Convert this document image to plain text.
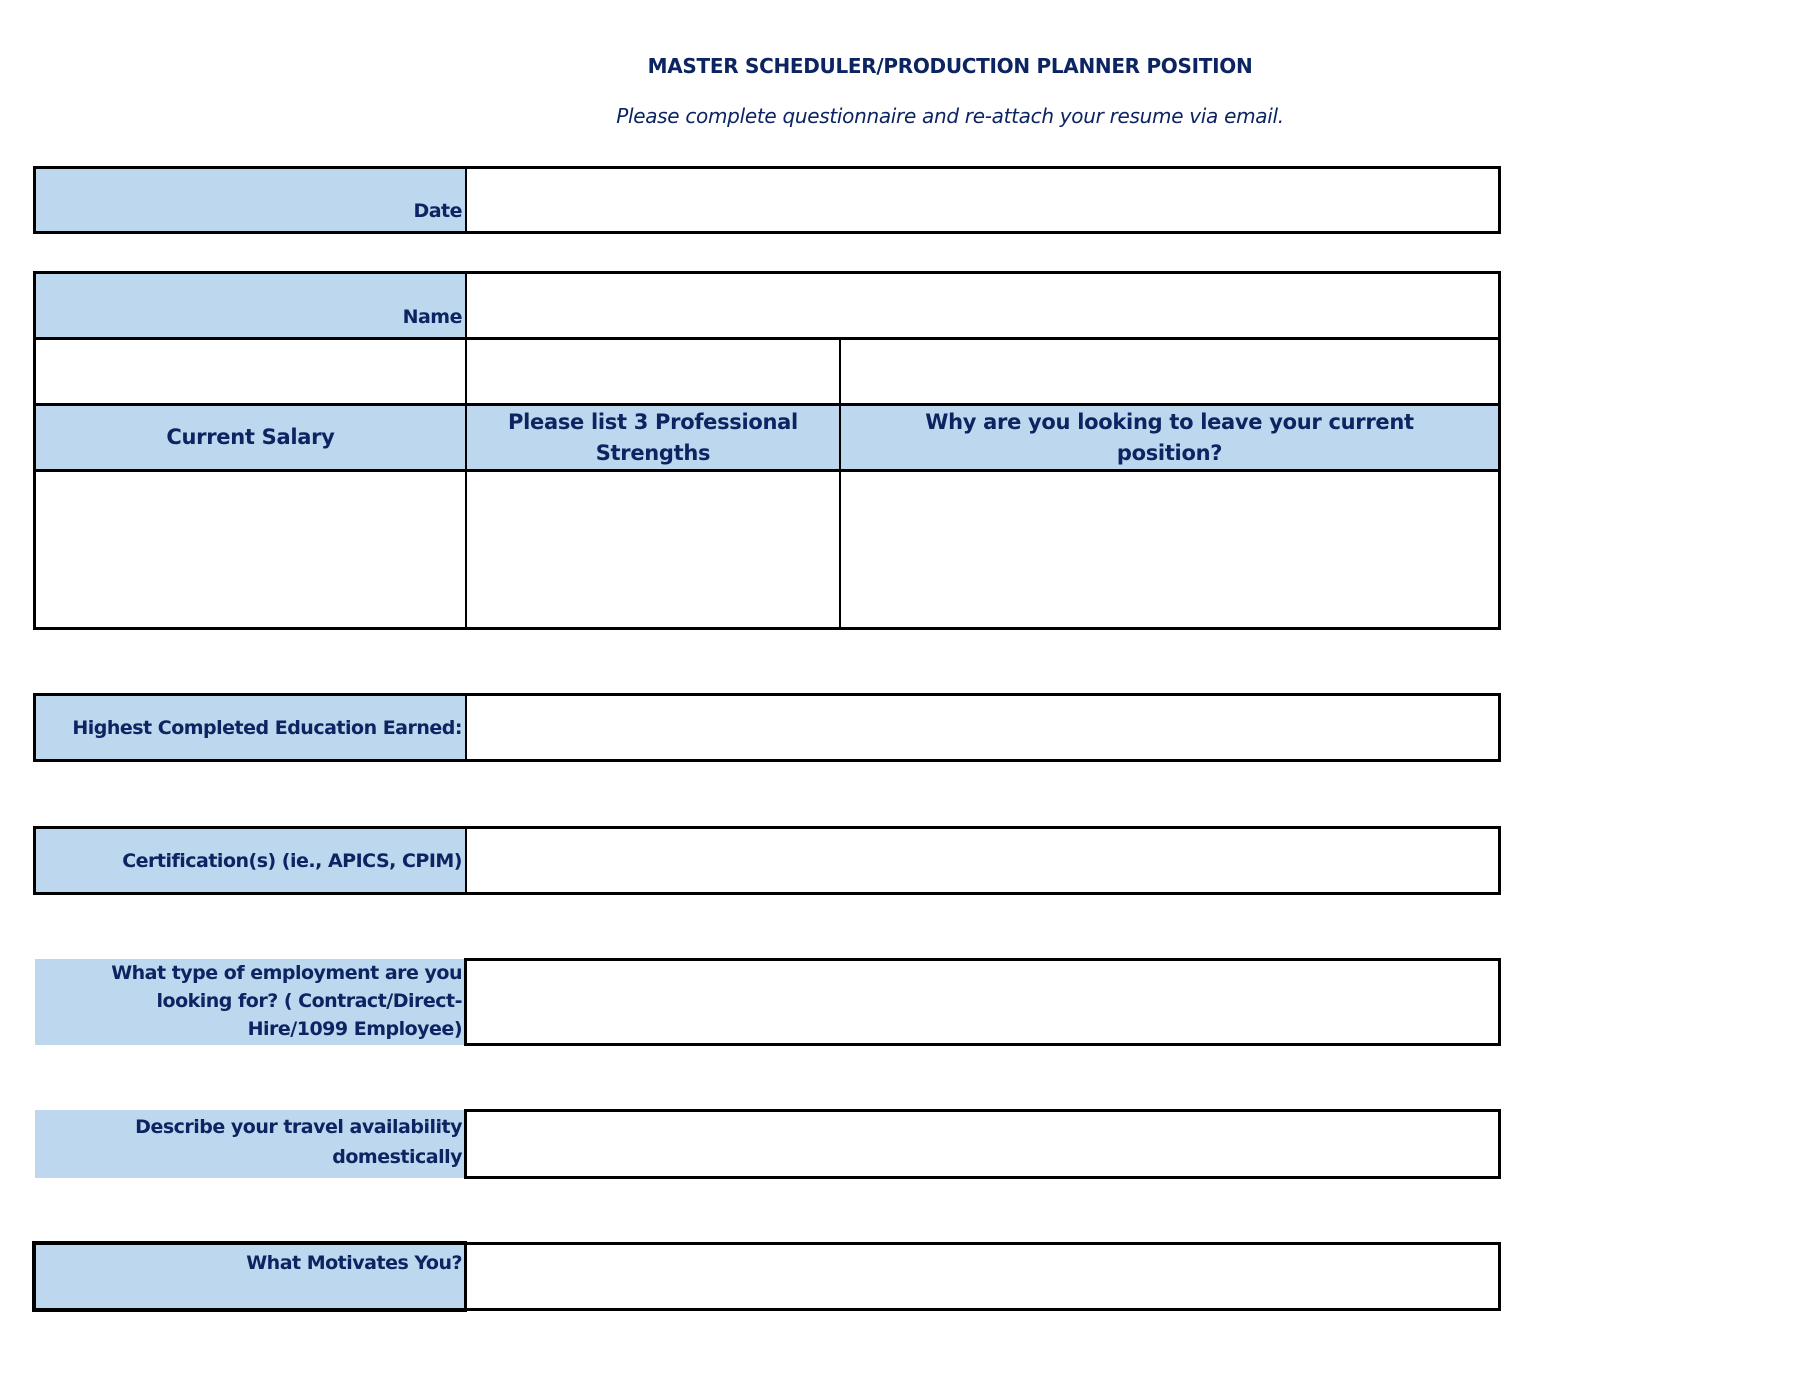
MASTER SCHEDULER/PRODUCTION PLANNER POSITION
Please complete questionnaire and re-attach your resume via email.
Date
Name
Current Salary
Please list 3 Professional Strengths
Why are you looking to leave your current position?
Highest Completed Education Earned:
Certification(s) (ie., APICS, CPIM)
What type of employment are you looking for? ( Contract/Direct-Hire/1099 Employee)
Describe your travel availability domestically
What Motivates You?
